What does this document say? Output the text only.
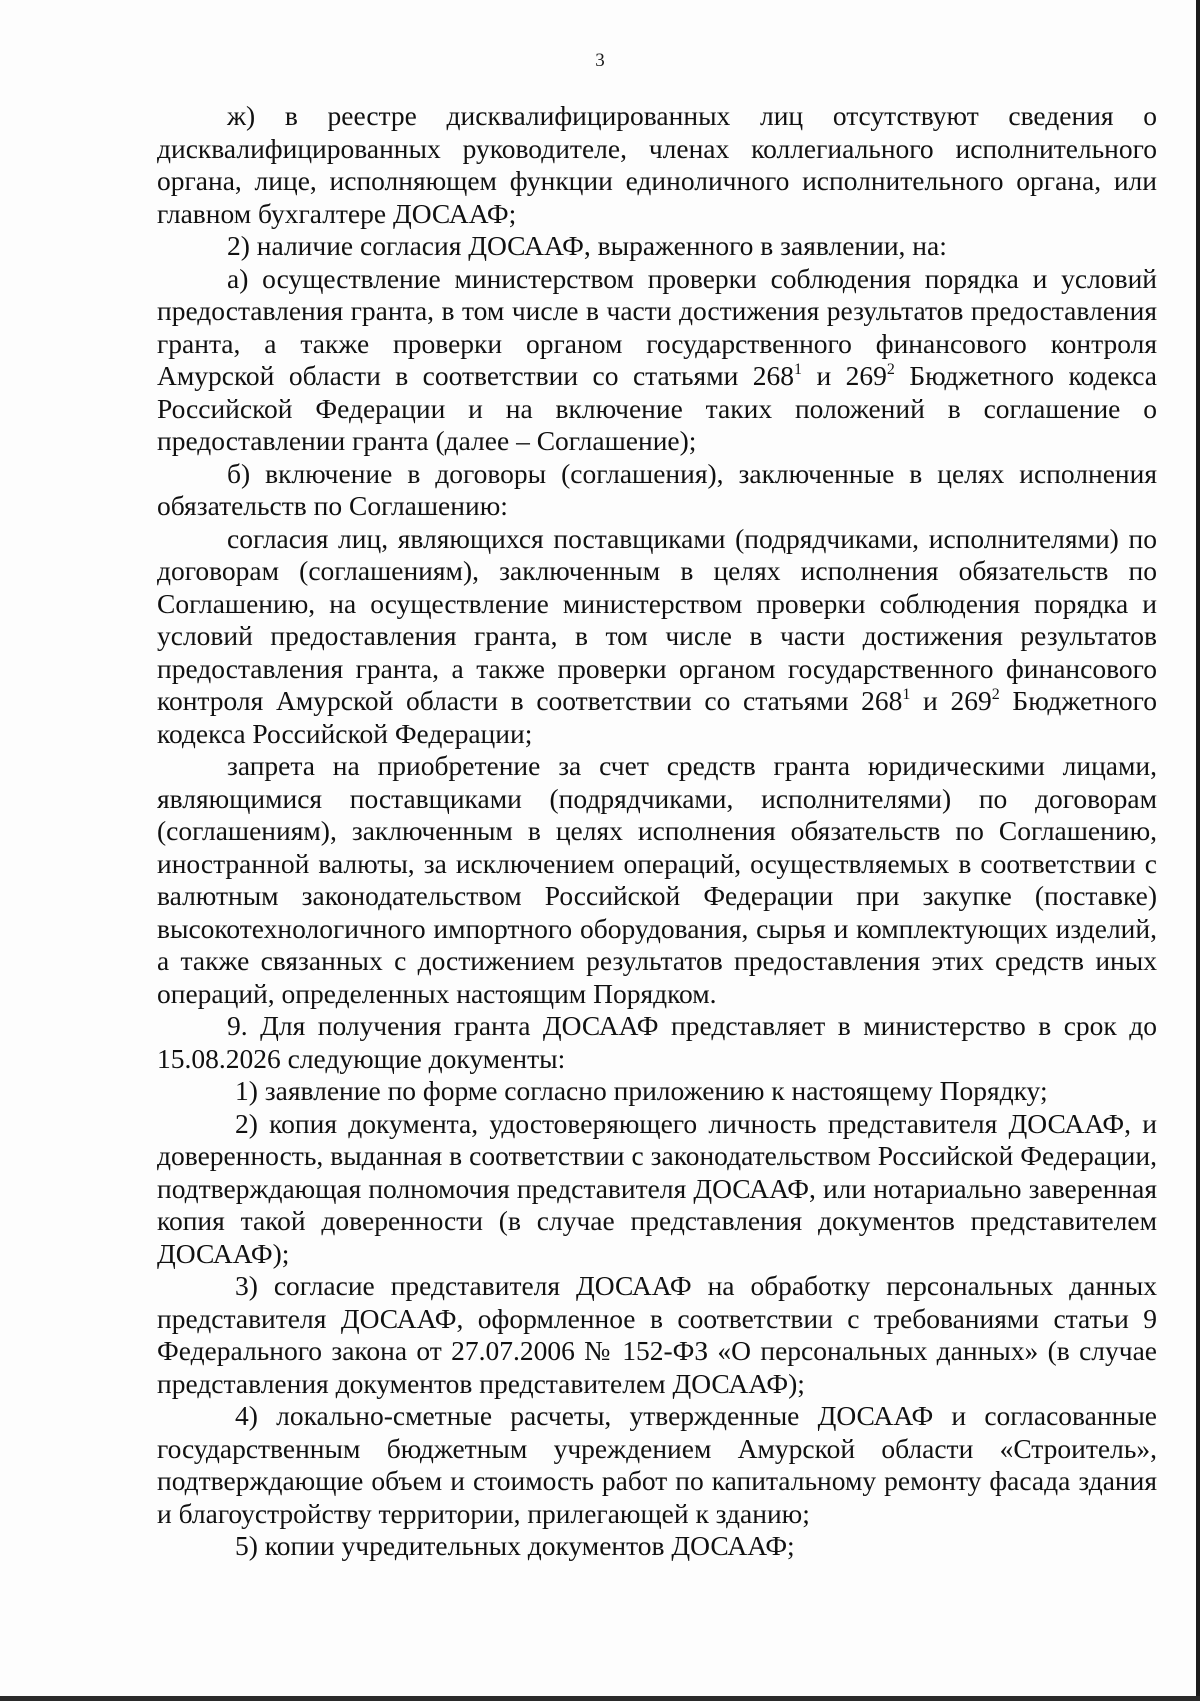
3

ж) в реестре дисквалифицированных лиц отсутствуют сведения о дисквалифицированных руководителе, членах коллегиального исполнительного органа, лице, исполняющем функции единоличного исполнительного органа, или главном бухгалтере ДОСААФ;

2) наличие согласия ДОСААФ, выраженного в заявлении, на:

а) осуществление министерством проверки соблюдения порядка и условий предоставления гранта, в том числе в части достижения результатов предоставления гранта, а также проверки органом государственного финансового контроля Амурской области в соответствии со статьями $268^1$ и $269^2$ Бюджетного кодекса Российской Федерации и на включение таких положений в соглашение о предоставлении гранта (далее – Соглашение);

б) включение в договоры (соглашения), заключенные в целях исполнения обязательств по Соглашению:

согласия лиц, являющихся поставщиками (подрядчиками, исполнителями) по договорам (соглашениям), заключенным в целях исполнения обязательств по Соглашению, на осуществление министерством проверки соблюдения порядка и условий предоставления гранта, в том числе в части достижения результатов предоставления гранта, а также проверки органом государственного финансового контроля Амурской области в соответствии со статьями $268^1$ и $269^2$ Бюджетного кодекса Российской Федерации;

запрета на приобретение за счет средств гранта юридическими лицами, являющимися поставщиками (подрядчиками, исполнителями) по договорам (соглашениям), заключенным в целях исполнения обязательств по Соглашению, иностранной валюты, за исключением операций, осуществляемых в соответствии с валютным законодательством Российской Федерации при закупке (поставке) высокотехнологичного импортного оборудования, сырья и комплектующих изделий, а также связанных с достижением результатов предоставления этих средств иных операций, определенных настоящим Порядком.

9. Для получения гранта ДОСААФ представляет в министерство в срок до 15.08.2026 следующие документы:

1) заявление по форме согласно приложению к настоящему Порядку;

2) копия документа, удостоверяющего личность представителя ДОСААФ, и доверенность, выданная в соответствии с законодательством Российской Федерации, подтверждающая полномочия представителя ДОСААФ, или нотариально заверенная копия такой доверенности (в случае представления документов представителем ДОСААФ);

3) согласие представителя ДОСААФ на обработку персональных данных представителя ДОСААФ, оформленное в соответствии с требованиями статьи 9 Федерального закона от 27.07.2006 № 152-ФЗ «О персональных данных» (в случае представления документов представителем ДОСААФ);

4) локально-сметные расчеты, утвержденные ДОСААФ и согласованные государственным бюджетным учреждением Амурской области «Строитель», подтверждающие объем и стоимость работ по капитальному ремонту фасада здания и благоустройству территории, прилегающей к зданию;

5) копии учредительных документов ДОСААФ;
